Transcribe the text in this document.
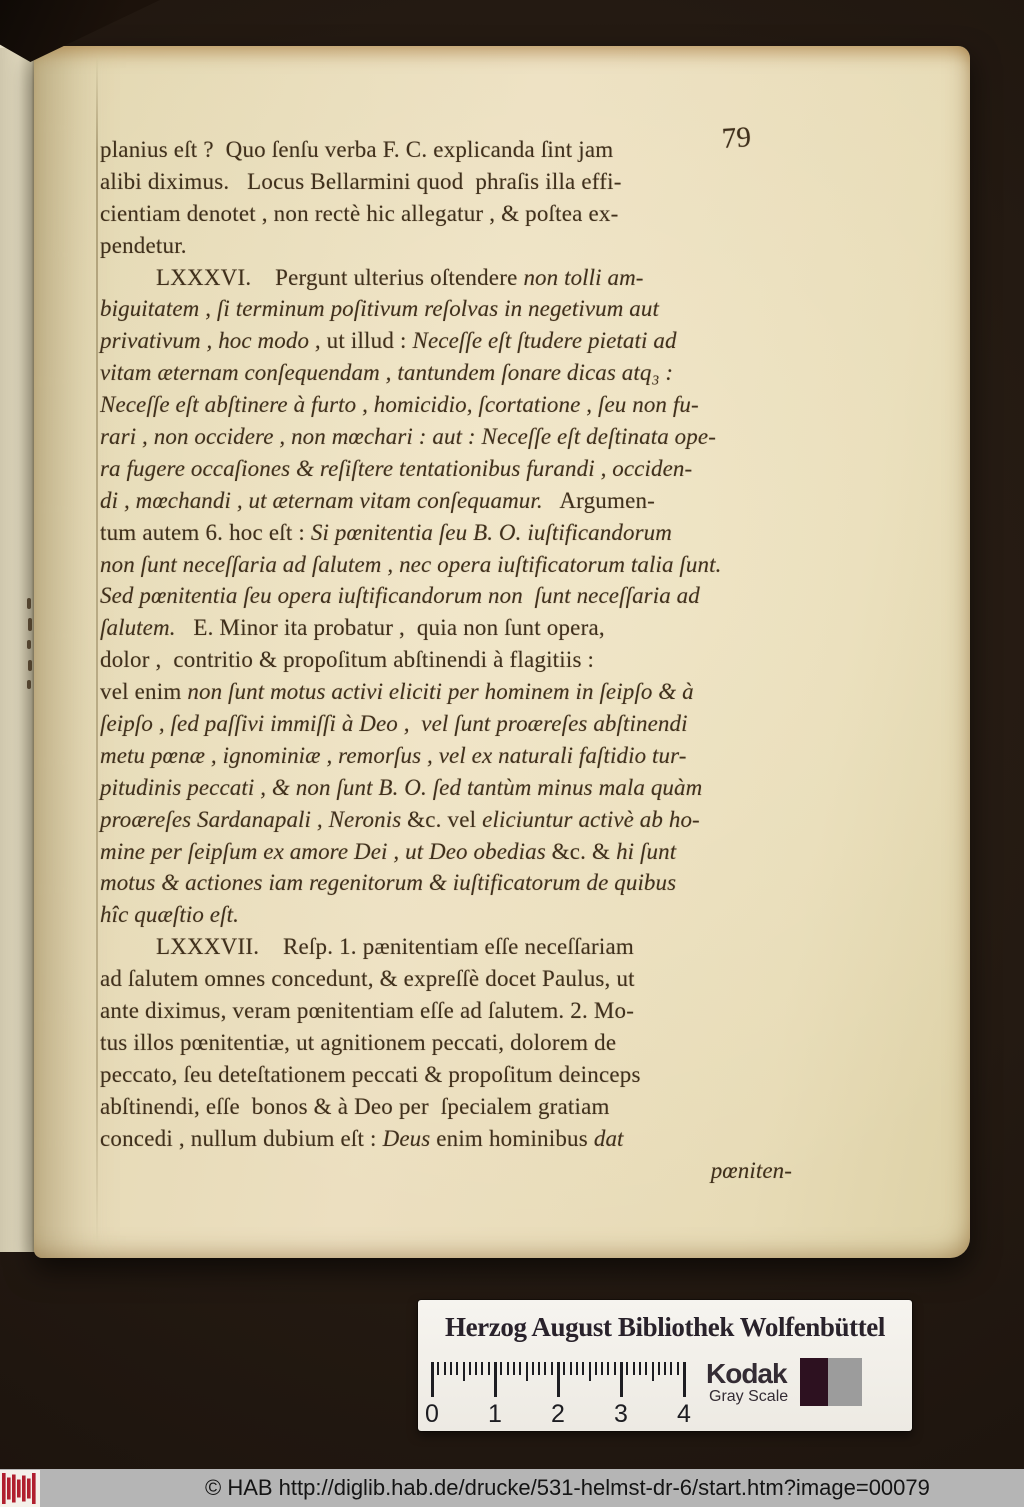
79
planius eſt ?  Quo ſenſu verba F. C. explicanda ſint jam
alibi diximus.   Locus Bellarmini quod  phraſis illa effi-
cientiam denotet , non rectè hic allegatur , & poſtea ex-
pendetur.
LXXXVI.    Pergunt ulterius oſtendere non tolli am-
biguitatem , ſi terminum poſitivum reſolvas in negetivum aut
privativum , hoc modo , ut illud : Neceſſe eſt ſtudere pietati ad
vitam æternam conſequendam , tantundem ſonare dicas atq₃ :
Neceſſe eſt abſtinere à furto , homicidio, ſcortatione , ſeu non fu-
rari , non occidere , non mœchari : aut : Neceſſe eſt deſtinata ope-
ra fugere occaſiones & reſiſtere tentationibus furandi , occiden-
di , mœchandi , ut æternam vitam conſequamur.   Argumen-
tum autem 6. hoc eſt : Si pœnitentia ſeu B. O. iuſtificandorum
non ſunt neceſſaria ad ſalutem , nec opera iuſtificatorum talia ſunt.
Sed pœnitentia ſeu opera iuſtificandorum non  ſunt neceſſaria ad
ſalutem.   E. Minor ita probatur ,  quia non ſunt opera,
dolor ,  contritio & propoſitum abſtinendi à flagitiis :
vel enim non ſunt motus activi eliciti per hominem in ſeipſo & à
ſeipſo , ſed paſſivi immiſſi à Deo ,  vel ſunt proæreſes abſtinendi
metu pœnæ , ignominiæ , remorſus , vel ex naturali faſtidio tur-
pitudinis peccati , & non ſunt B. O. ſed tantùm minus mala quàm
proæreſes Sardanapali , Neronis &c. vel eliciuntur activè ab ho-
mine per ſeipſum ex amore Dei , ut Deo obedias &c. & hi ſunt
motus & actiones iam regenitorum & iuſtificatorum de quibus
hîc quæſtio eſt.
LXXXVII.    Reſp. 1. pænitentiam eſſe neceſſariam
ad ſalutem omnes concedunt, & expreſſè docet Paulus, ut
ante diximus, veram pœnitentiam eſſe ad ſalutem. 2. Mo-
tus illos pœnitentiæ, ut agnitionem peccati, dolorem de
peccato, ſeu deteſtationem peccati & propoſitum deinceps
abſtinendi, eſſe  bonos & à Deo per  ſpecialem gratiam
concedi , nullum dubium eſt : Deus enim hominibus dat
pœniten-
Herzog August Bibliothek Wolfenbüttel
0 1 2 3 4
Kodak
Gray Scale
© HAB http://diglib.hab.de/drucke/531-helmst-dr-6/start.htm?image=00079
